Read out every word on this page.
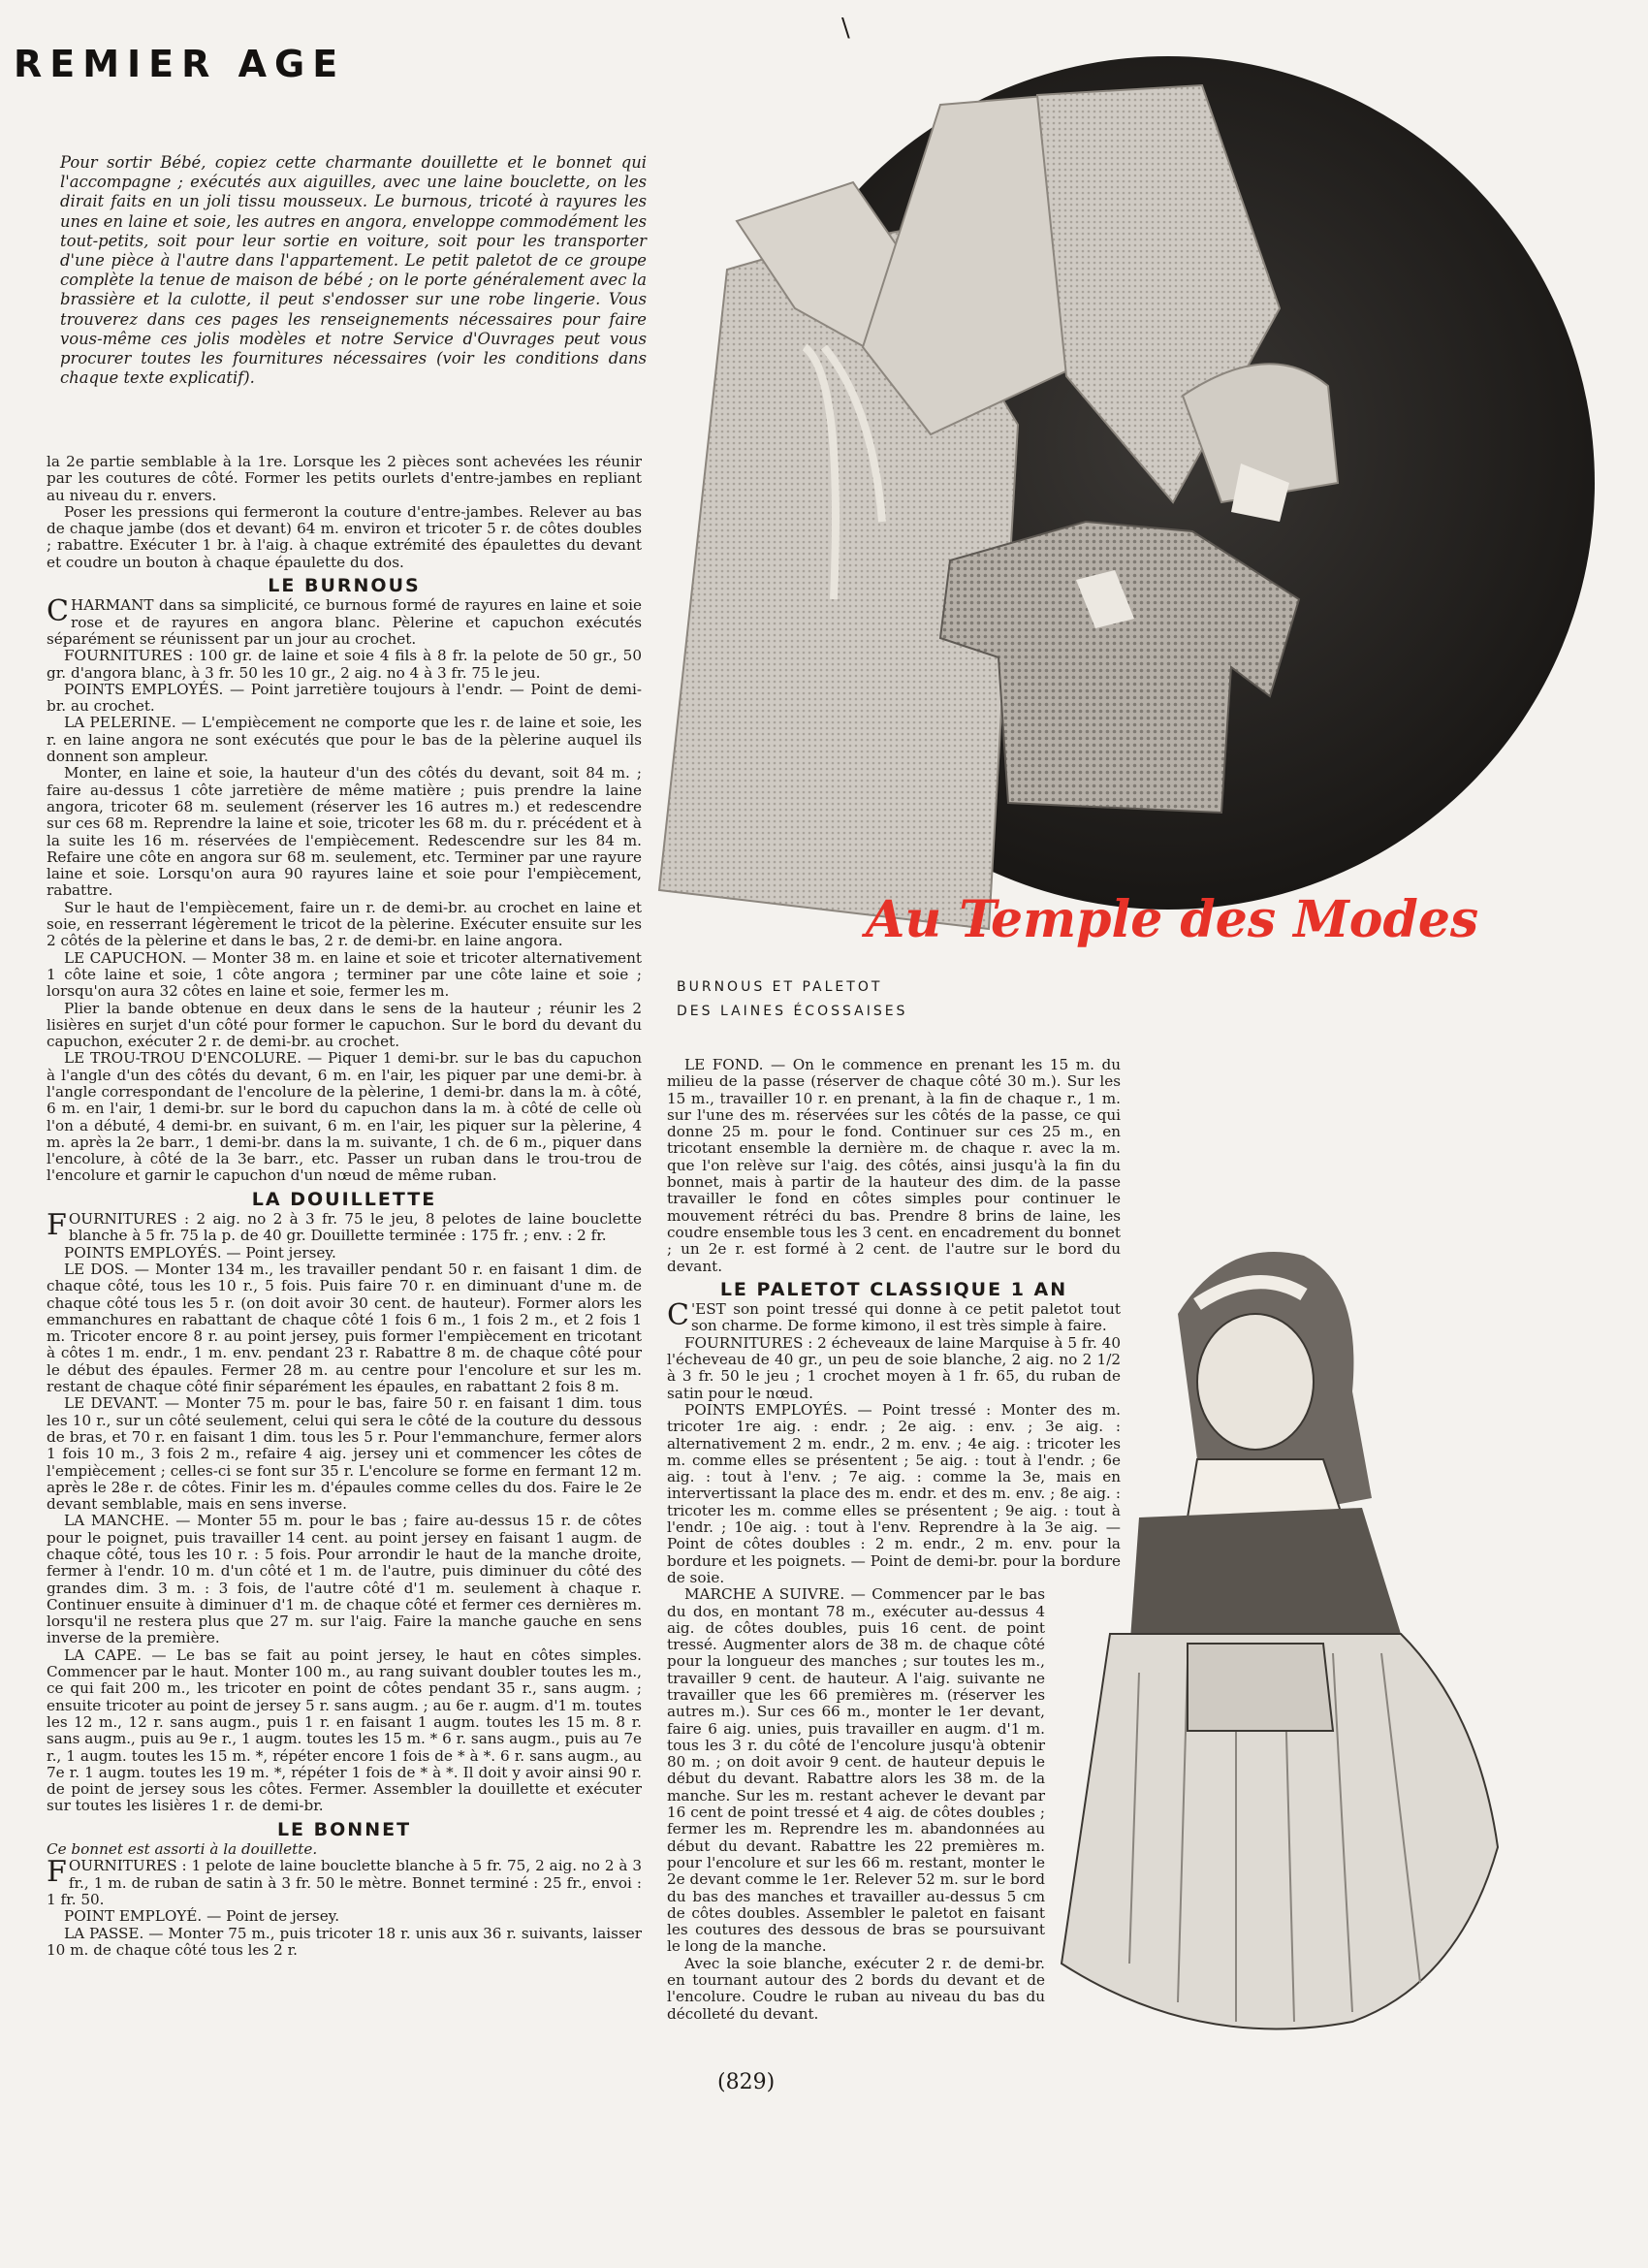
REMIER AGE
\
Pour sortir Bébé, copiez cette charmante douillette et le bonnet qui l'accompagne ; exécutés aux aiguilles, avec une laine bouclette, on les dirait faits en un joli tissu mousseux. Le burnous, tricoté à rayures les unes en laine et soie, les autres en angora, enveloppe commodément les tout-petits, soit pour leur sortie en voiture, soit pour les transporter d'une pièce à l'autre dans l'appartement. Le petit paletot de ce groupe complète la tenue de maison de bébé ; on le porte généralement avec la brassière et la culotte, il peut s'endosser sur une robe lingerie. Vous trouverez dans ces pages les renseignements nécessaires pour faire vous-même ces jolis modèles et notre Service d'Ouvrages peut vous procurer toutes les fournitures nécessaires (voir les conditions dans chaque texte explicatif).

la 2e partie semblable à la 1re. Lorsque les 2 pièces sont achevées les réunir par les coutures de côté. Former les petits ourlets d'entre-jambes en repliant au niveau du r. envers.

Poser les pressions qui fermeront la couture d'entre-jambes. Relever au bas de chaque jambe (dos et devant) 64 m. environ et tricoter 5 r. de côtes doubles ; rabattre. Exécuter 1 br. à l'aig. à chaque extrémité des épaulettes du devant et coudre un bouton à chaque épaulette du dos.

LE BURNOUS

CHARMANT dans sa simplicité, ce burnous formé de rayures en laine et soie rose et de rayures en angora blanc. Pèlerine et capuchon exécutés séparément se réunissent par un jour au crochet.

FOURNITURES : 100 gr. de laine et soie 4 fils à 8 fr. la pelote de 50 gr., 50 gr. d'angora blanc, à 3 fr. 50 les 10 gr., 2 aig. no 4 à 3 fr. 75 le jeu.

POINTS EMPLOYÉS. — Point jarretière toujours à l'endr. — Point de demi-br. au crochet.

LA PELERINE. — L'empiècement ne comporte que les r. de laine et soie, les r. en laine angora ne sont exécutés que pour le bas de la pèlerine auquel ils donnent son ampleur.

Monter, en laine et soie, la hauteur d'un des côtés du devant, soit 84 m. ; faire au-dessus 1 côte jarretière de même matière ; puis prendre la laine angora, tricoter 68 m. seulement (réserver les 16 autres m.) et redescendre sur ces 68 m. Reprendre la laine et soie, tricoter les 68 m. du r. précédent et à la suite les 16 m. réservées de l'empiècement. Redescendre sur les 84 m. Refaire une côte en angora sur 68 m. seulement, etc. Terminer par une rayure laine et soie. Lorsqu'on aura 90 rayures laine et soie pour l'empiècement, rabattre.

Sur le haut de l'empiècement, faire un r. de demi-br. au crochet en laine et soie, en resserrant légèrement le tricot de la pèlerine. Exécuter ensuite sur les 2 côtés de la pèlerine et dans le bas, 2 r. de demi-br. en laine angora.

LE CAPUCHON. — Monter 38 m. en laine et soie et tricoter alternativement 1 côte laine et soie, 1 côte angora ; terminer par une côte laine et soie ; lorsqu'on aura 32 côtes en laine et soie, fermer les m.

Plier la bande obtenue en deux dans le sens de la hauteur ; réunir les 2 lisières en surjet d'un côté pour former le capuchon. Sur le bord du devant du capuchon, exécuter 2 r. de demi-br. au crochet.

LE TROU-TROU D'ENCOLURE. — Piquer 1 demi-br. sur le bas du capuchon à l'angle d'un des côtés du devant, 6 m. en l'air, les piquer par une demi-br. à l'angle correspondant de l'encolure de la pèlerine, 1 demi-br. dans la m. à côté, 6 m. en l'air, 1 demi-br. sur le bord du capuchon dans la m. à côté de celle où l'on a débuté, 4 demi-br. en suivant, 6 m. en l'air, les piquer sur la pèlerine, 4 m. après la 2e barr., 1 demi-br. dans la m. suivante, 1 ch. de 6 m., piquer dans l'encolure, à côté de la 3e barr., etc. Passer un ruban dans le trou-trou de l'encolure et garnir le capuchon d'un nœud de même ruban.

LA DOUILLETTE

FOURNITURES : 2 aig. no 2 à 3 fr. 75 le jeu, 8 pelotes de laine bouclette blanche à 5 fr. 75 la p. de 40 gr. Douillette terminée : 175 fr. ; env. : 2 fr.

POINTS EMPLOYÉS. — Point jersey.

LE DOS. — Monter 134 m., les travailler pendant 50 r. en faisant 1 dim. de chaque côté, tous les 10 r., 5 fois. Puis faire 70 r. en diminuant d'une m. de chaque côté tous les 5 r. (on doit avoir 30 cent. de hauteur). Former alors les emmanchures en rabattant de chaque côté 1 fois 6 m., 1 fois 2 m., et 2 fois 1 m. Tricoter encore 8 r. au point jersey, puis former l'empiècement en tricotant à côtes 1 m. endr., 1 m. env. pendant 23 r. Rabattre 8 m. de chaque côté pour le début des épaules. Fermer 28 m. au centre pour l'encolure et sur les m. restant de chaque côté finir séparément les épaules, en rabattant 2 fois 8 m.

LE DEVANT. — Monter 75 m. pour le bas, faire 50 r. en faisant 1 dim. tous les 10 r., sur un côté seulement, celui qui sera le côté de la couture du dessous de bras, et 70 r. en faisant 1 dim. tous les 5 r. Pour l'emmanchure, fermer alors 1 fois 10 m., 3 fois 2 m., refaire 4 aig. jersey uni et commencer les côtes de l'empiècement ; celles-ci se font sur 35 r. L'encolure se forme en fermant 12 m. après le 28e r. de côtes. Finir les m. d'épaules comme celles du dos. Faire le 2e devant semblable, mais en sens inverse.

LA MANCHE. — Monter 55 m. pour le bas ; faire au-dessus 15 r. de côtes pour le poignet, puis travailler 14 cent. au point jersey en faisant 1 augm. de chaque côté, tous les 10 r. : 5 fois. Pour arrondir le haut de la manche droite, fermer à l'endr. 10 m. d'un côté et 1 m. de l'autre, puis diminuer du côté des grandes dim. 3 m. : 3 fois, de l'autre côté d'1 m. seulement à chaque r. Continuer ensuite à diminuer d'1 m. de chaque côté et fermer ces dernières m. lorsqu'il ne restera plus que 27 m. sur l'aig. Faire la manche gauche en sens inverse de la première.

LA CAPE. — Le bas se fait au point jersey, le haut en côtes simples. Commencer par le haut. Monter 100 m., au rang suivant doubler toutes les m., ce qui fait 200 m., les tricoter en point de côtes pendant 35 r., sans augm. ; ensuite tricoter au point de jersey 5 r. sans augm. ; au 6e r. augm. d'1 m. toutes les 12 m., 12 r. sans augm., puis 1 r. en faisant 1 augm. toutes les 15 m. 8 r. sans augm., puis au 9e r., 1 augm. toutes les 15 m. * 6 r. sans augm., puis au 7e r., 1 augm. toutes les 15 m. *, répéter encore 1 fois de * à *. 6 r. sans augm., au 7e r. 1 augm. toutes les 19 m. *, répéter 1 fois de * à *. Il doit y avoir ainsi 90 r. de point de jersey sous les côtes. Fermer. Assembler la douillette et exécuter sur toutes les lisières 1 r. de demi-br.

LE BONNET

Ce bonnet est assorti à la douillette.

FOURNITURES : 1 pelote de laine bouclette blanche à 5 fr. 75, 2 aig. no 2 à 3 fr., 1 m. de ruban de satin à 3 fr. 50 le mètre. Bonnet terminé : 25 fr., envoi : 1 fr. 50.

POINT EMPLOYÉ. — Point de jersey.

LA PASSE. — Monter 75 m., puis tricoter 18 r. unis aux 36 r. suivants, laisser 10 m. de chaque côté tous les 2 r.

Au Temple des Modes
BURNOUS ET PALETOT
DES LAINES ÉCOSSAISES

LE FOND. — On le commence en prenant les 15 m. du milieu de la passe (réserver de chaque côté 30 m.). Sur les 15 m., travailler 10 r. en prenant, à la fin de chaque r., 1 m. sur l'une des m. réservées sur les côtés de la passe, ce qui donne 25 m. pour le fond. Continuer sur ces 25 m., en tricotant ensemble la dernière m. de chaque r. avec la m. que l'on relève sur l'aig. des côtés, ainsi jusqu'à la fin du bonnet, mais à partir de la hauteur des dim. de la passe travailler le fond en côtes simples pour continuer le mouvement rétréci du bas. Prendre 8 brins de laine, les coudre ensemble tous les 3 cent. en encadrement du bonnet ; un 2e r. est formé à 2 cent. de l'autre sur le bord du devant.

LE PALETOT CLASSIQUE 1 AN

C 'EST son point tressé qui donne à ce petit paletot tout son charme. De forme kimono, il est très simple à faire.

FOURNITURES : 2 écheveaux de laine Marquise à 5 fr. 40 l'écheveau de 40 gr., un peu de soie blanche, 2 aig. no 2 1/2 à 3 fr. 50 le jeu ; 1 crochet moyen à 1 fr. 65, du ruban de satin pour le nœud.

POINTS EMPLOYÉS. — Point tressé : Monter des m. tricoter 1re aig. : endr. ; 2e aig. : env. ; 3e aig. : alternativement 2 m. endr., 2 m. env. ; 4e aig. : tricoter les m. comme elles se présentent ; 5e aig. : tout à l'endr. ; 6e aig. : tout à l'env. ; 7e aig. : comme la 3e, mais en intervertissant la place des m. endr. et des m. env. ; 8e aig. : tricoter les m. comme elles se présentent ; 9e aig. : tout à l'endr. ; 10e aig. : tout à l'env. Reprendre à la 3e aig. — Point de côtes doubles : 2 m. endr., 2 m. env. pour la bordure et les poignets. — Point de demi-br. pour la bordure de soie.

MARCHE A SUIVRE. — Commencer par le bas du dos, en montant 78 m., exécuter au-dessus 4 aig. de côtes doubles, puis 16 cent. de point tressé. Augmenter alors de 38 m. de chaque côté pour la longueur des manches ; sur toutes les m., travailler 9 cent. de hauteur. A l'aig. suivante ne travailler que les 66 premières m. (réserver les autres m.). Sur ces 66 m., monter le 1er devant, faire 6 aig. unies, puis travailler en augm. d'1 m. tous les 3 r. du côté de l'encolure jusqu'à obtenir 80 m. ; on doit avoir 9 cent. de hauteur depuis le début du devant. Rabattre alors les 38 m. de la manche. Sur les m. restant achever le devant par 16 cent de point tressé et 4 aig. de côtes doubles ; fermer les m. Reprendre les m. abandonnées au début du devant. Rabattre les 22 premières m. pour l'encolure et sur les 66 m. restant, monter le 2e devant comme le 1er. Relever 52 m. sur le bord du bas des manches et travailler au-dessus 5 cm de côtes doubles. Assembler le paletot en faisant les coutures des dessous de bras se poursuivant le long de la manche.

Avec la soie blanche, exécuter 2 r. de demi-br. en tournant autour des 2 bords du devant et de l'encolure. Coudre le ruban au niveau du bas du décolleté du devant.

(829)
